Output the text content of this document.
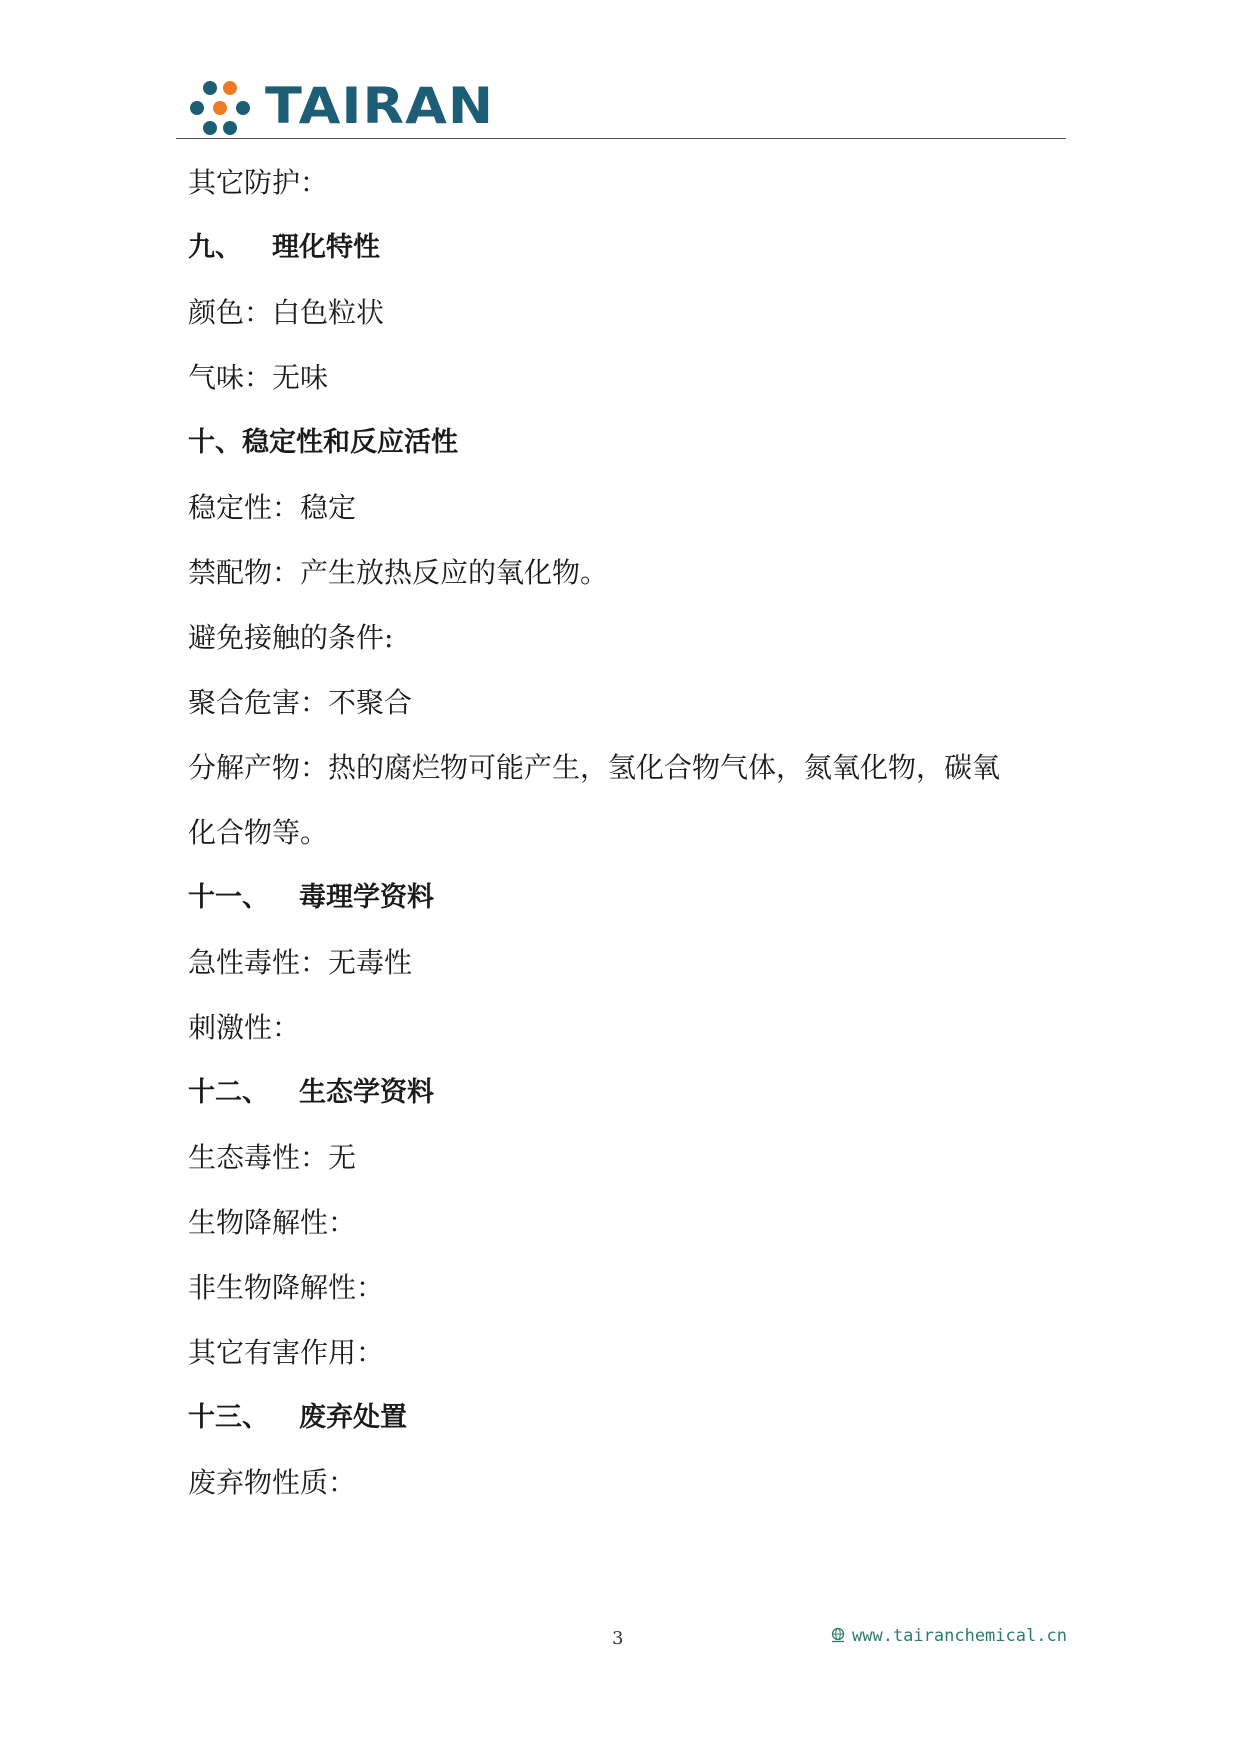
TAIRAN
其它防护：
九、 理化特性
颜色：白色粒状
气味：无味
十、稳定性和反应活性
稳定性：稳定
禁配物：产生放热反应的氧化物。
避免接触的条件:
聚合危害：不聚合
分解产物：热的腐烂物可能产生，氢化合物气体，氮氧化物，碳氧
化合物等。
十一、 毒理学资料
急性毒性：无毒性
刺激性：
十二、 生态学资料
生态毒性：无
生物降解性：
非生物降解性：
其它有害作用：
十三、 废弃处置
废弃物性质：
3	www.tairanchemical.cn
